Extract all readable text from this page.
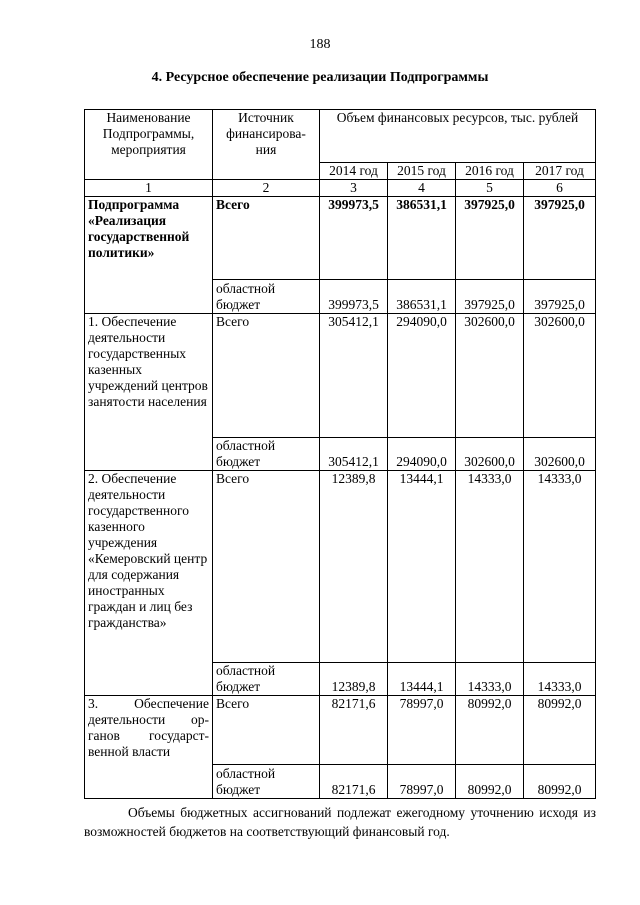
188
4. Ресурсное обеспечение реализации Подпрограммы
Наименование Подпрограммы, мероприятия	Источник финансирова-ния	Объем финансовых ресурсов, тыс. рублей			
		2014 год	2015 год	2016 год	2017 год
1	2	3	4	5	6
Подпрограмма «Реализация государственной политики»	Всего	399973,5	386531,1	397925,0	397925,0
	областной бюджет	399973,5	386531,1	397925,0	397925,0
1. Обеспечение деятельности государственных казенных учреждений центров занятости населения	Всего	305412,1	294090,0	302600,0	302600,0
	областной бюджет	305412,1	294090,0	302600,0	302600,0
2. Обеспечение деятельности государственного казенного учреждения «Кемеровский центр для содержания иностранных граждан и лиц без гражданства»	Всего	12389,8	13444,1	14333,0	14333,0
	областной бюджет	12389,8	13444,1	14333,0	14333,0
3. Обеспечение деятельности ор-ганов государст-венной власти	Всего	82171,6	78997,0	80992,0	80992,0
	областной бюджет	82171,6	78997,0	80992,0	80992,0
Объемы бюджетных ассигнований подлежат ежегодному уточнению исходя из возможностей бюджетов на соответствующий финансовый год.
